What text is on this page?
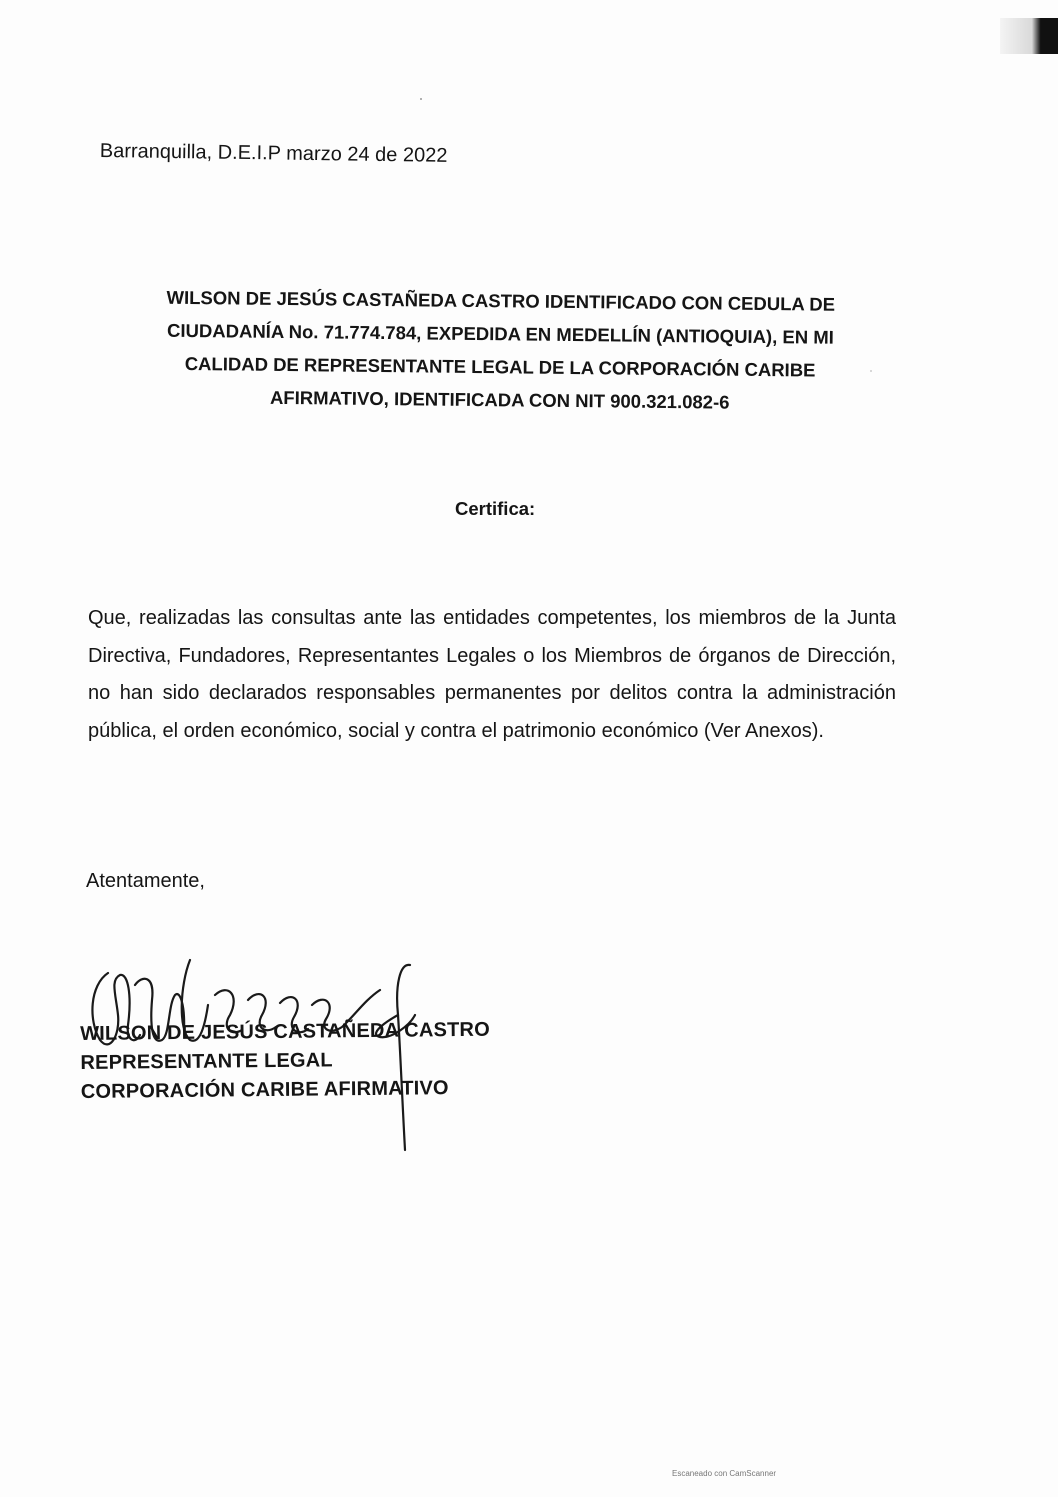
Barranquilla, D.E.I.P marzo 24 de 2022
WILSON DE JESÚS CASTAÑEDA CASTRO IDENTIFICADO CON CEDULA DE
CIUDADANÍA No. 71.774.784, EXPEDIDA EN MEDELLÍN (ANTIOQUIA), EN MI
CALIDAD DE REPRESENTANTE LEGAL DE LA CORPORACIÓN CARIBE
AFIRMATIVO, IDENTIFICADA CON NIT 900.321.082-6
Certifica:
Que, realizadas las consultas ante las entidades competentes, los miembros de la Junta Directiva, Fundadores, Representantes Legales o los Miembros de órganos de Dirección, no han sido declarados responsables permanentes por delitos contra la administración pública, el orden económico, social y contra el patrimonio económico (Ver Anexos).
Atentamente,
WILSON DE JESÚS CASTAÑEDA CASTRO
REPRESENTANTE LEGAL
CORPORACIÓN CARIBE AFIRMATIVO
Escaneado con CamScanner
